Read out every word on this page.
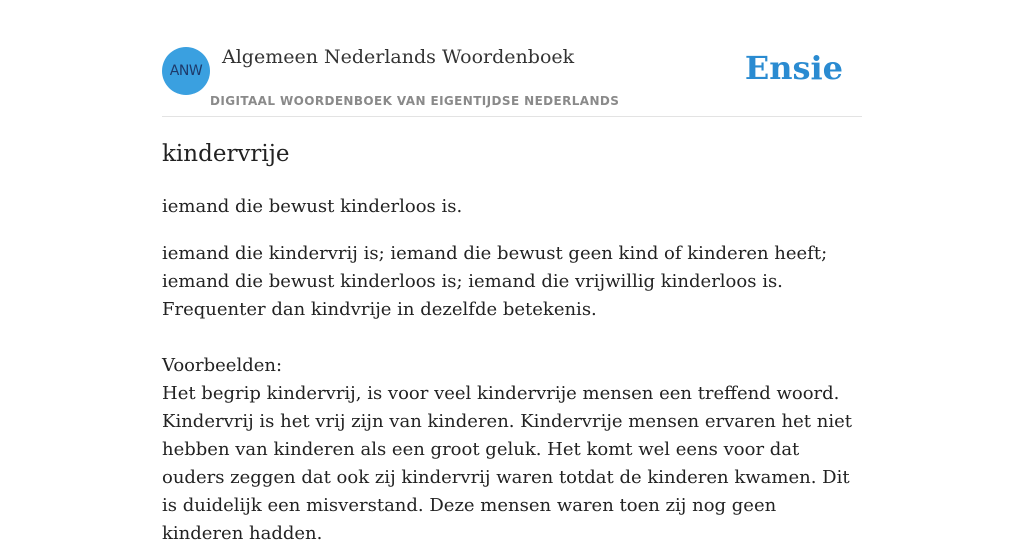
ANW
Algemeen Nederlands Woordenboek
DIGITAAL WOORDENBOEK VAN EIGENTIJDSE NEDERLANDS
Ensie
kindervrije

iemand die bewust kinderloos is.

iemand die kindervrij is; iemand die bewust geen kind of kinderen heeft; iemand die bewust kinderloos is; iemand die vrijwillig kinderloos is.

Frequenter dan kindvrije in dezelfde betekenis.

Voorbeelden:

Het begrip kindervrij, is voor veel kindervrije mensen een treffend woord. Kindervrij is het vrij zijn van kinderen. Kindervrije mensen ervaren het niet hebben van kinderen als een groot geluk. Het komt wel eens voor dat ouders zeggen dat ook zij kindervrij waren totdat de kinderen kwamen. Dit is duidelijk een misverstand. Deze mensen waren toen zij nog geen kinderen hadden.
